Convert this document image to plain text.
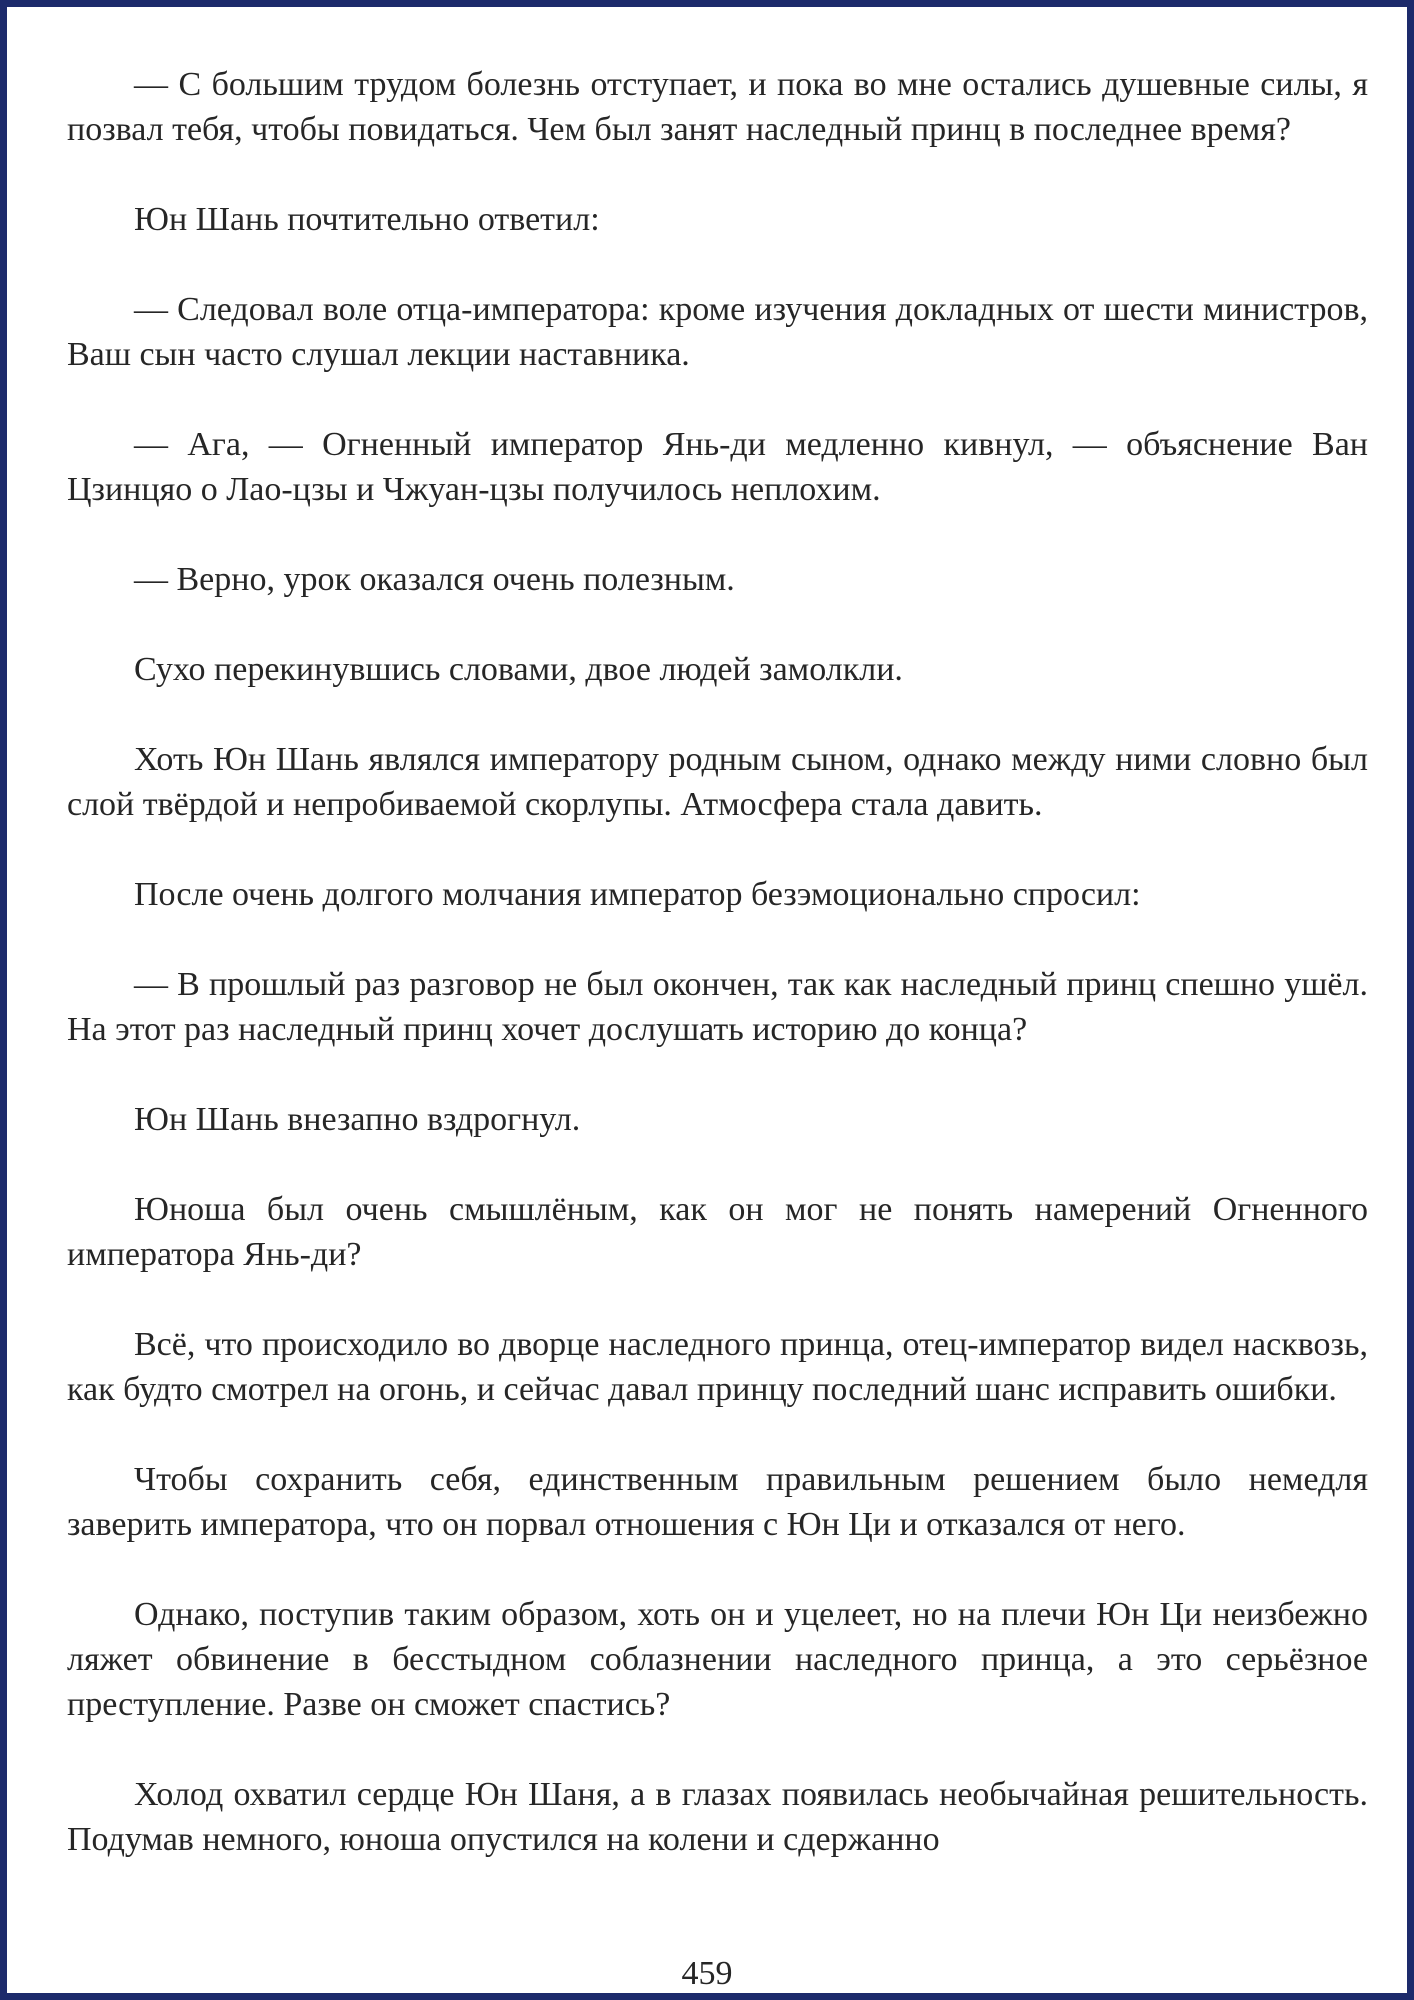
— С большим трудом болезнь отступает, и пока во мне остались душевные силы, я позвал тебя, чтобы повидаться. Чем был занят наследный принц в последнее время?

Юн Шань почтительно ответил:

— Следовал воле отца-императора: кроме изучения докладных от шести министров, Ваш сын часто слушал лекции наставника.

— Ага, — Огненный император Янь-ди медленно кивнул, — объяснение Ван Цзинцяо о Лао-цзы и Чжуан-цзы получилось неплохим.

— Верно, урок оказался очень полезным.

Сухо перекинувшись словами, двое людей замолкли.

Хоть Юн Шань являлся императору родным сыном, однако между ними словно был слой твёрдой и непробиваемой скорлупы. Атмосфера стала давить.

После очень долгого молчания император безэмоционально спросил:

— В прошлый раз разговор не был окончен, так как наследный принц спешно ушёл. На этот раз наследный принц хочет дослушать историю до конца?

Юн Шань внезапно вздрогнул.

Юноша был очень смышлёным, как он мог не понять намерений Огненного императора Янь-ди?

Всё, что происходило во дворце наследного принца, отец-император видел насквозь, как будто смотрел на огонь, и сейчас давал принцу последний шанс исправить ошибки.

Чтобы сохранить себя, единственным правильным решением было немедля заверить императора, что он порвал отношения с Юн Ци и отказался от него.

Однако, поступив таким образом, хоть он и уцелеет, но на плечи Юн Ци неизбежно ляжет обвинение в бесстыдном соблазнении наследного принца, а это серьёзное преступление. Разве он сможет спастись?

Холод охватил сердце Юн Шаня, а в глазах появилась необычайная решительность. Подумав немного, юноша опустился на колени и сдержанно

459
